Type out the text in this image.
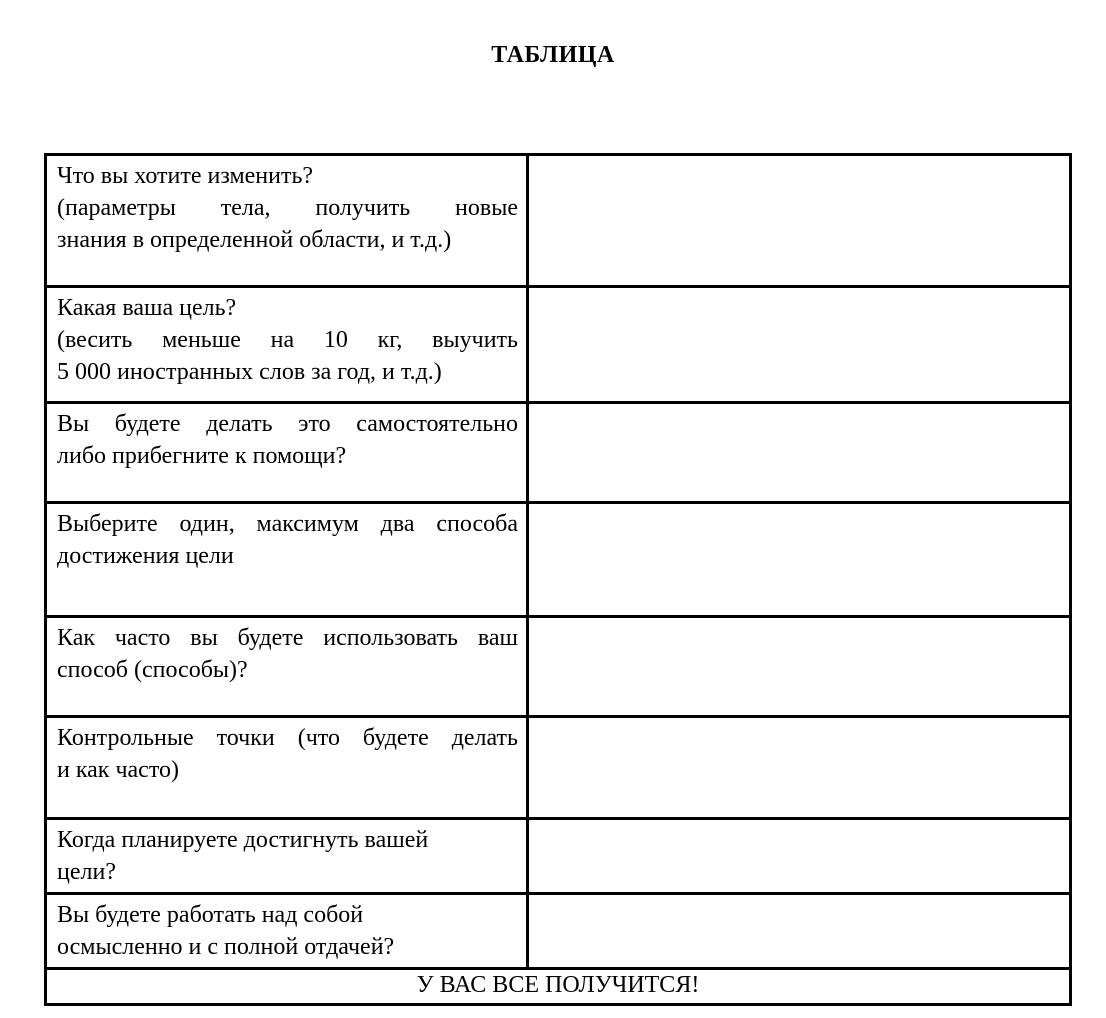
ТАБЛИЦА
Что вы хотите изменить?
(параметры тела, получить новые
знания в определенной области, и т.д.)	

Какая ваша цель?
(весить меньше на 10 кг, выучить
5 000 иностранных слов за год, и т.д.)	

Вы будете делать это самостоятельно
либо прибегните к помощи?	

Выберите один, максимум два способа
достижения цели	

Как часто вы будете использовать ваш
способ (способы)?	

Контрольные точки (что будете делать
и как часто)	

Когда планируете достигнуть вашей
цели?	

Вы будете работать над собой
осмысленно и с полной отдачей?	

У ВАС ВСЕ ПОЛУЧИТСЯ!	
